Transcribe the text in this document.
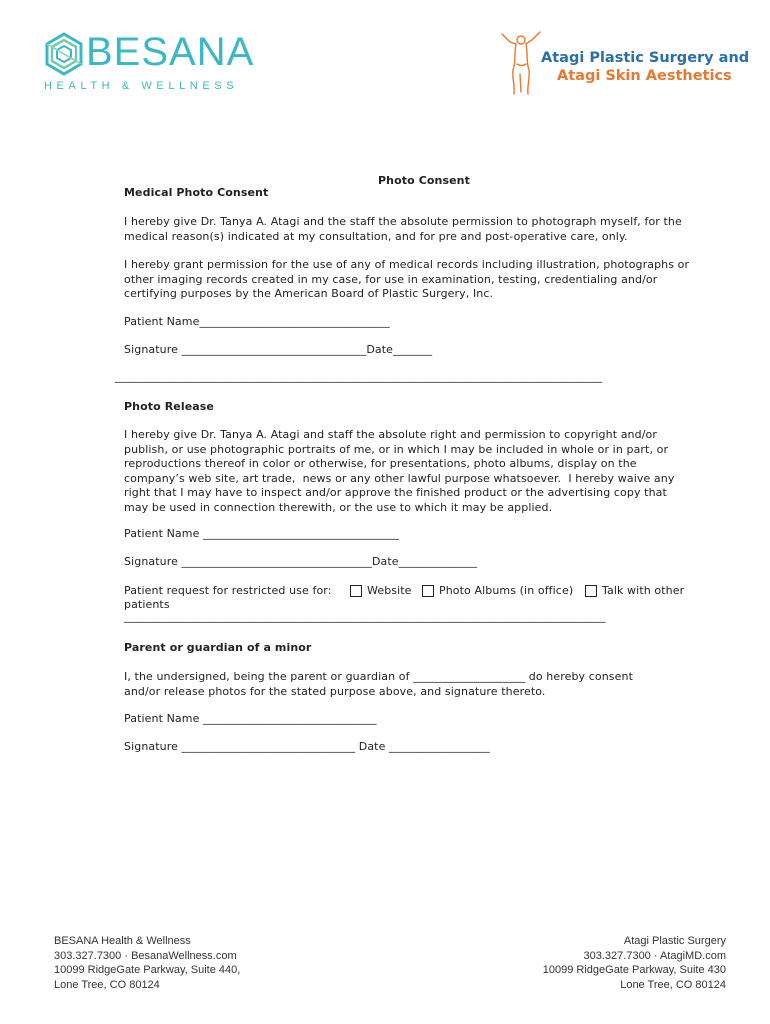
BESANA
HEALTH & WELLNESS
Atagi Plastic Surgery and
Atagi Skin Aesthetics
Photo Consent
Medical Photo Consent
I hereby give Dr. Tanya A. Atagi and the staff the absolute permission to photograph myself, for the
medical reason(s) indicated at my consultation, and for pre and post-operative care, only.
I hereby grant permission for the use of any of medical records including illustration, photographs or
other imaging records created in my case, for use in examination, testing, credentialing and/or
certifying purposes by the American Board of Plastic Surgery, Inc.
Patient Name__________________________________
Signature _________________________________Date_______
_______________________________________________________________________________________
Photo Release
I hereby give Dr. Tanya A. Atagi and staff the absolute right and permission to copyright and/or
publish, or use photographic portraits of me, or in which I may be included in whole or in part, or
reproductions thereof in color or otherwise, for presentations, photo albums, display on the
company’s web site, art trade,  news or any other lawful purpose whatsoever.  I hereby waive any
right that I may have to inspect and/or approve the finished product or the advertising copy that
may be used in connection therewith, or the use to which it may be applied.
Patient Name ___________________________________
Signature __________________________________Date______________
Patient request for restricted use for:	Website Photo Albums (in office)	Talk with other
patients
______________________________________________________________________________________
Parent or guardian of a minor
I, the undersigned, being the parent or guardian of ____________________ do hereby consent
and/or release photos for the stated purpose above, and signature thereto.
Patient Name _______________________________
Signature _______________________________ Date __________________
BESANA Health & Wellness
303.327.7300 · BesanaWellness.com
10099 RidgeGate Parkway, Suite 440,
Lone Tree, CO 80124
Atagi Plastic Surgery
303.327.7300 · AtagiMD.com
10099 RidgeGate Parkway, Suite 430
Lone Tree, CO 80124
